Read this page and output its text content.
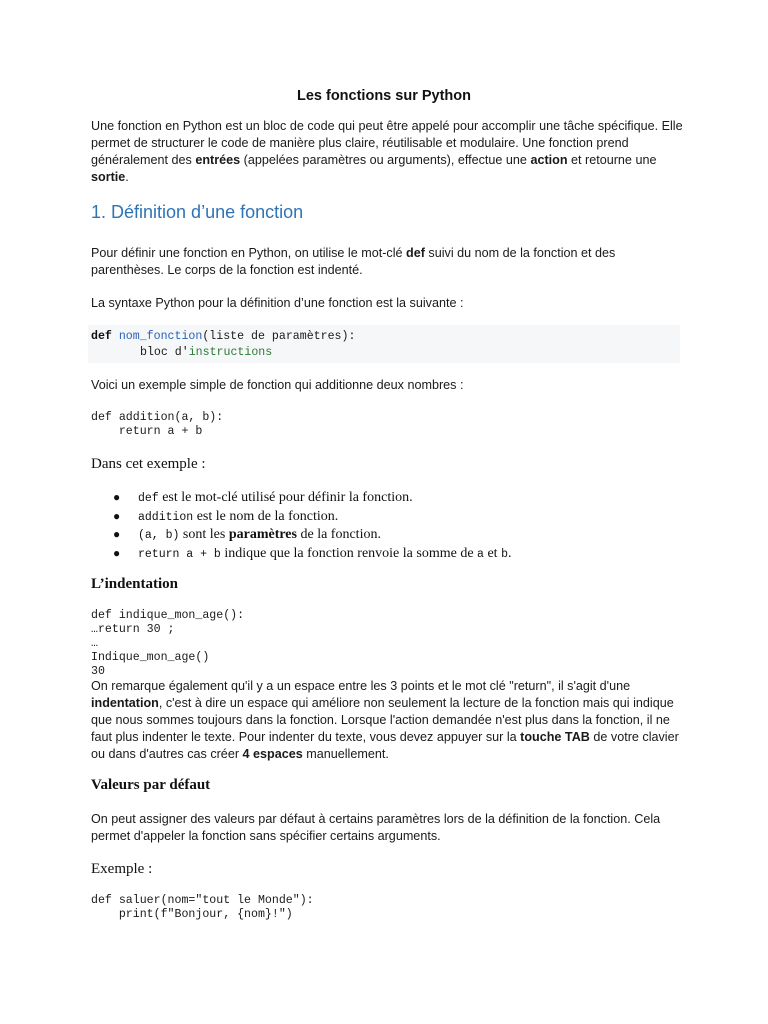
Les fonctions sur Python
Une fonction en Python est un bloc de code qui peut être appelé pour accomplir une tâche spécifique. Elle permet de structurer le code de manière plus claire, réutilisable et modulaire. Une fonction prend généralement des entrées (appelées paramètres ou arguments), effectue une action et retourne une sortie.
1. Définition d’une fonction
Pour définir une fonction en Python, on utilise le mot-clé def suivi du nom de la fonction et des parenthèses. Le corps de la fonction est indenté.
La syntaxe Python pour la définition d’une fonction est la suivante :
def nom_fonction(liste de paramètres):
bloc d'instructions
Voici un exemple simple de fonction qui additionne deux nombres :
def addition(a, b):
return a + b
Dans cet exemple :
● def est le mot-clé utilisé pour définir la fonction.
● addition est le nom de la fonction.
● (a, b) sont les paramètres de la fonction.
● return a + b indique que la fonction renvoie la somme de a et b.
L’indentation
def indique_mon_age():
…return 30 ;
…
Indique_mon_age()
30
On remarque également qu'il y a un espace entre les 3 points et le mot clé "return", il s'agit d'une indentation, c'est à dire un espace qui améliore non seulement la lecture de la fonction mais qui indique que nous sommes toujours dans la fonction. Lorsque l'action demandée n'est plus dans la fonction, il ne faut plus indenter le texte. Pour indenter du texte, vous devez appuyer sur la touche TAB de votre clavier ou dans d'autres cas créer 4 espaces manuellement.
Valeurs par défaut
On peut assigner des valeurs par défaut à certains paramètres lors de la définition de la fonction. Cela permet d'appeler la fonction sans spécifier certains arguments.
Exemple :
def saluer(nom="tout le Monde"):
print(f"Bonjour, {nom}!")
